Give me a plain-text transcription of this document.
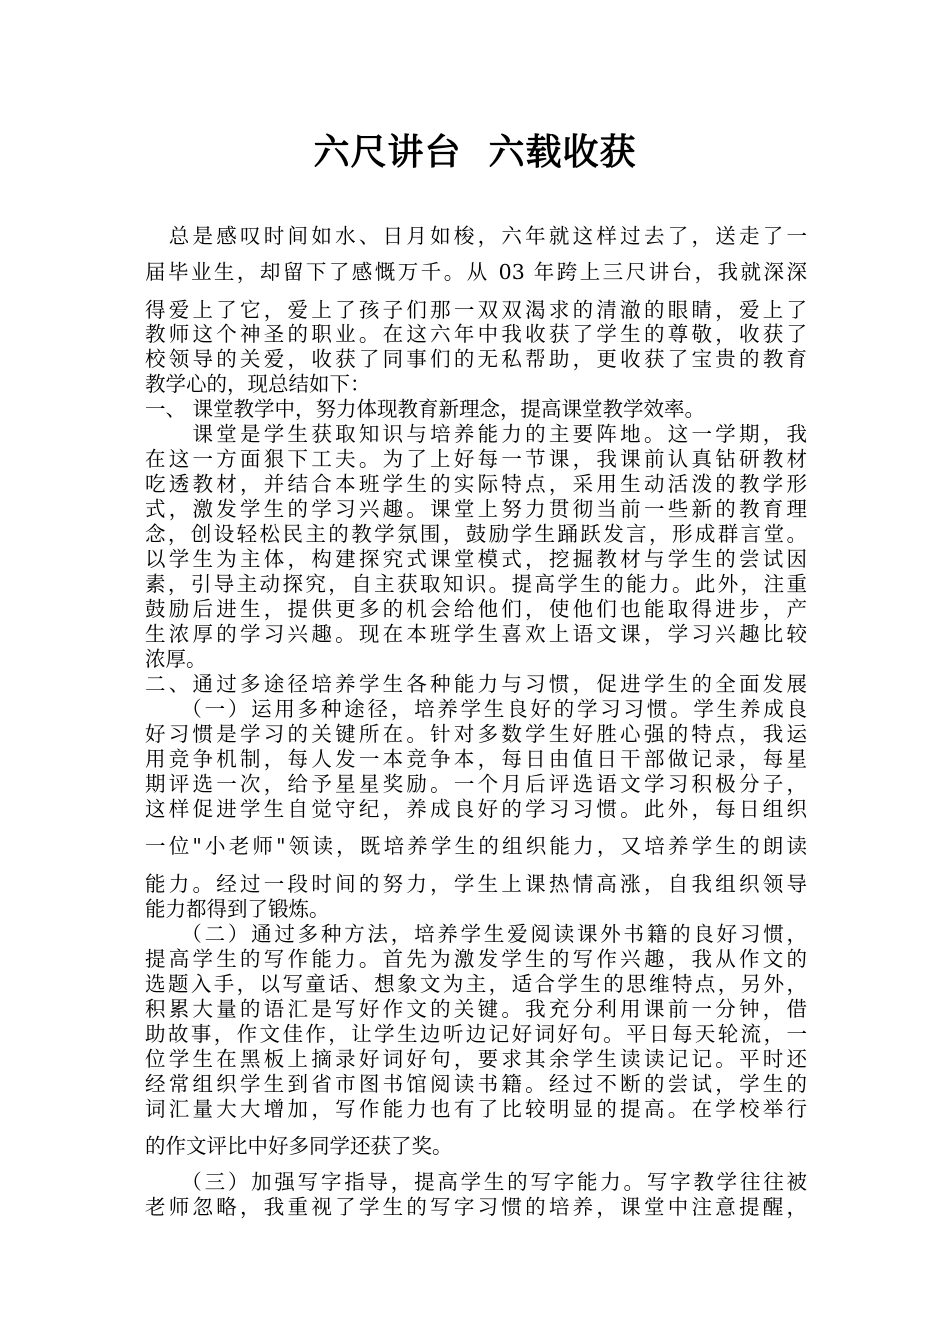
六尺讲台  六载收获
　总是感叹时间如水、日月如梭，六年就这样过去了，送走了一
届毕业生，却留下了感慨万千。从 03 年跨上三尺讲台，我就深深
得爱上了它，爱上了孩子们那一双双渴求的清澈的眼睛，爱上了
教师这个神圣的职业。在这六年中我收获了学生的尊敬，收获了
校领导的关爱，收获了同事们的无私帮助，更收获了宝贵的教育
教学心的，现总结如下：
一、 课堂教学中，努力体现教育新理念，提高课堂教学效率。
　　课堂是学生获取知识与培养能力的主要阵地。这一学期，我
在这一方面狠下工夫。为了上好每一节课，我课前认真钻研教材
吃透教材，并结合本班学生的实际特点，采用生动活泼的教学形
式，激发学生的学习兴趣。课堂上努力贯彻当前一些新的教育理
念，创设轻松民主的教学氛围，鼓励学生踊跃发言，形成群言堂。
以学生为主体，构建探究式课堂模式，挖掘教材与学生的尝试因
素，引导主动探究，自主获取知识。提高学生的能力。此外，注重
鼓励后进生，提供更多的机会给他们，使他们也能取得进步，产
生浓厚的学习兴趣。现在本班学生喜欢上语文课，学习兴趣比较
浓厚。
二、通过多途径培养学生各种能力与习惯，促进学生的全面发展
　　（一）运用多种途径，培养学生良好的学习习惯。学生养成良
好习惯是学习的关键所在。针对多数学生好胜心强的特点，我运
用竞争机制，每人发一本竞争本，每日由值日干部做记录，每星
期评选一次，给予星星奖励。一个月后评选语文学习积极分子，
这样促进学生自觉守纪，养成良好的学习习惯。此外，每日组织
一位"小老师"领读，既培养学生的组织能力，又培养学生的朗读
能力。经过一段时间的努力，学生上课热情高涨，自我组织领导
能力都得到了锻炼。
　　（二）通过多种方法，培养学生爱阅读课外书籍的良好习惯，
提高学生的写作能力。首先为激发学生的写作兴趣，我从作文的
选题入手，以写童话、想象文为主，适合学生的思维特点，另外，
积累大量的语汇是写好作文的关键。我充分利用课前一分钟，借
助故事，作文佳作，让学生边听边记好词好句。平日每天轮流，一
位学生在黑板上摘录好词好句，要求其余学生读读记记。平时还
经常组织学生到省市图书馆阅读书籍。经过不断的尝试，学生的
词汇量大大增加，写作能力也有了比较明显的提高。在学校举行
的作文评比中好多同学还获了奖。
　　（三）加强写字指导，提高学生的写字能力。写字教学往往被
老师忽略，我重视了学生的写字习惯的培养，课堂中注意提醒，
